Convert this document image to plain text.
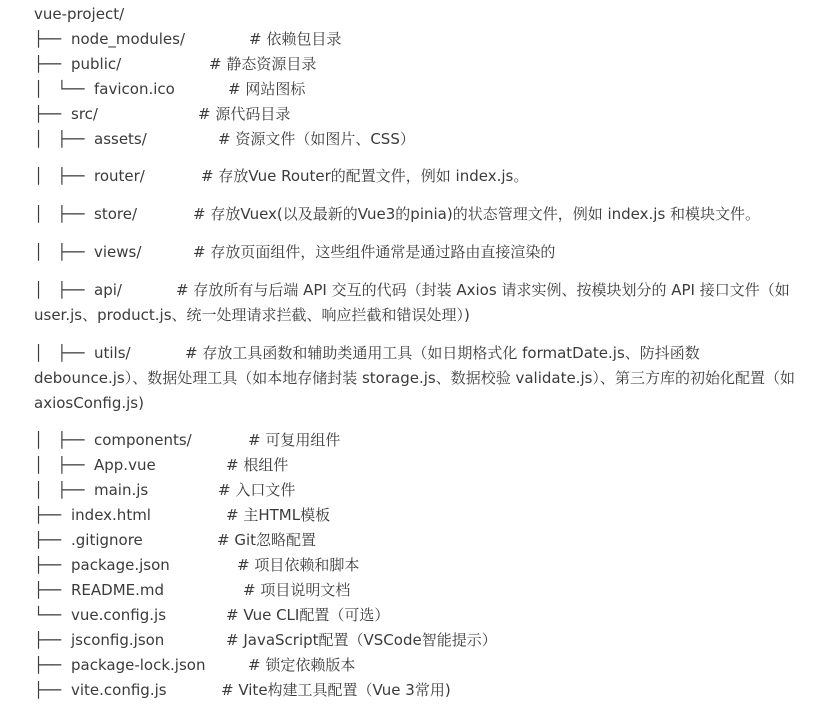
vue-project/
├── node_modules/	# 依赖包目录
├── public/	# 静态资源目录
│   └── favicon.ico	# 网站图标
├── src/	# 源代码目录
│   ├── assets/	# 资源文件（如图片、CSS）
│   ├── router/	# 存放Vue Router的配置文件，例如 index.js。
│   ├── store/	# 存放Vuex(以及最新的Vue3的pinia)的状态管理文件，例如 index.js 和模块文件。
│   ├── views/	# 存放页面组件，这些组件通常是通过路由直接渲染的
│   ├── api/	# 存放所有与后端 API 交互的代码（封装 Axios 请求实例、按模块划分的 API 接口文件（如 user.js、product.js、统一处理请求拦截、响应拦截和错误处理）)
│   ├── utils/	# 存放工具函数和辅助类通用工具（如日期格式化 formatDate.js、防抖函数 debounce.js）、数据处理工具（如本地存储封装 storage.js、数据校验 validate.js）、第三方库的初始化配置（如 axiosConfig.js)
│   ├── components/	# 可复用组件
│   ├── App.vue	# 根组件
│   ├── main.js	# 入口文件
├── index.html	# 主HTML模板
├── .gitignore	# Git忽略配置
├── package.json	# 项目依赖和脚本
├── README.md	# 项目说明文档
└── vue.config.js	# Vue CLI配置（可选）
├── jsconfig.json	# JavaScript配置（VSCode智能提示）
├── package-lock.json	# 锁定依赖版本
├── vite.config.js	# Vite构建工具配置（Vue 3常用)
